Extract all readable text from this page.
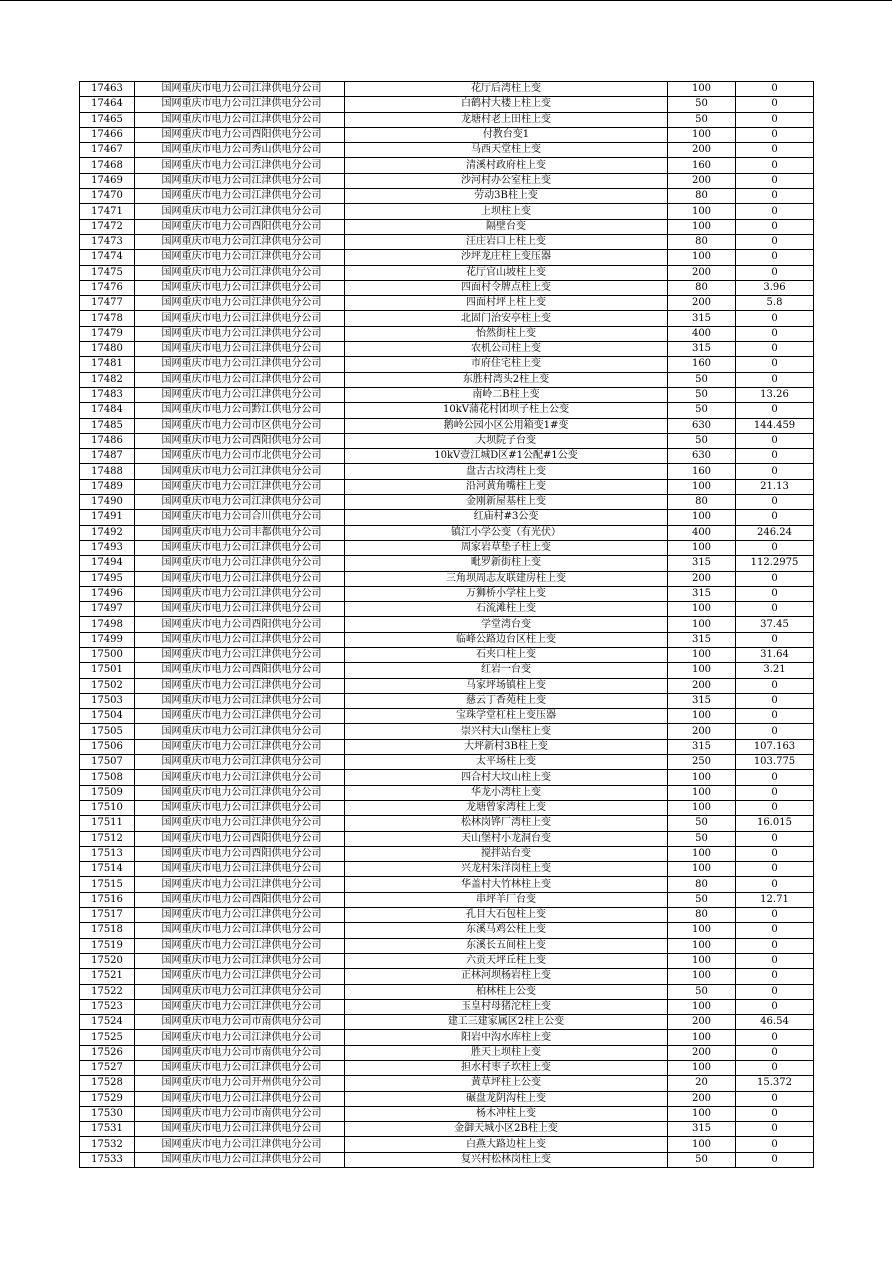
17463	国网重庆市电力公司江津供电分公司	花厅后湾柱上变	100	0
17464	国网重庆市电力公司江津供电分公司	白鹤村大楼上柱上变	50	0
17465	国网重庆市电力公司江津供电分公司	龙塘村老上田柱上变	50	0
17466	国网重庆市电力公司酉阳供电分公司	付教台变1	100	0
17467	国网重庆市电力公司秀山供电分公司	马西天堂柱上变	200	0
17468	国网重庆市电力公司江津供电分公司	清溪村政府柱上变	160	0
17469	国网重庆市电力公司江津供电分公司	沙河村办公室柱上变	200	0
17470	国网重庆市电力公司江津供电分公司	劳动3B柱上变	80	0
17471	国网重庆市电力公司江津供电分公司	上坝柱上变	100	0
17472	国网重庆市电力公司酉阳供电分公司	隔壁台变	100	0
17473	国网重庆市电力公司江津供电分公司	汪庄岩口上柱上变	80	0
17474	国网重庆市电力公司江津供电分公司	沙坪龙庄柱上变压器	100	0
17475	国网重庆市电力公司江津供电分公司	花厅官山坡柱上变	200	0
17476	国网重庆市电力公司江津供电分公司	四面村令牌点柱上变	80	3.96
17477	国网重庆市电力公司江津供电分公司	四面村坪上柱上变	200	5.8
17478	国网重庆市电力公司江津供电分公司	北固门治安亭柱上变	315	0
17479	国网重庆市电力公司江津供电分公司	怡然街柱上变	400	0
17480	国网重庆市电力公司江津供电分公司	农机公司柱上变	315	0
17481	国网重庆市电力公司江津供电分公司	市府住宅柱上变	160	0
17482	国网重庆市电力公司江津供电分公司	东胜村湾头2柱上变	50	0
17483	国网重庆市电力公司江津供电分公司	南岭二B柱上变	50	13.26
17484	国网重庆市电力公司黔江供电分公司	10kV蒲花村团坝子柱上公变	50	0
17485	国网重庆市电力公司市区供电分公司	鹅岭公园小区公用箱变1#变	630	144.459
17486	国网重庆市电力公司酉阳供电分公司	大坝院子台变	50	0
17487	国网重庆市电力公司市北供电分公司	10kV壹江城D区#1公配#1公变	630	0
17488	国网重庆市电力公司江津供电分公司	盘古古坟湾柱上变	160	0
17489	国网重庆市电力公司江津供电分公司	沿河黄角嘴柱上变	100	21.13
17490	国网重庆市电力公司江津供电分公司	金刚新屋基柱上变	80	0
17491	国网重庆市电力公司合川供电分公司	红庙村#3公变	100	0
17492	国网重庆市电力公司丰都供电分公司	镇江小学公变（有光伏）	400	246.24
17493	国网重庆市电力公司江津供电分公司	周家岩草垫子柱上变	100	0
17494	国网重庆市电力公司江津供电分公司	毗罗新街柱上变	315	112.2975
17495	国网重庆市电力公司江津供电分公司	三角坝周志友联建房柱上变	200	0
17496	国网重庆市电力公司江津供电分公司	万狮桥小学柱上变	315	0
17497	国网重庆市电力公司江津供电分公司	石流滩柱上变	100	0
17498	国网重庆市电力公司酉阳供电分公司	学堂湾台变	100	37.45
17499	国网重庆市电力公司江津供电分公司	临峰公路边台区柱上变	315	0
17500	国网重庆市电力公司江津供电分公司	石夹口柱上变	100	31.64
17501	国网重庆市电力公司酉阳供电分公司	红岩一台变	100	3.21
17502	国网重庆市电力公司江津供电分公司	马家坪场镇柱上变	200	0
17503	国网重庆市电力公司江津供电分公司	慈云丁香苑柱上变	315	0
17504	国网重庆市电力公司江津供电分公司	宝珠学堂杠柱上变压器	100	0
17505	国网重庆市电力公司江津供电分公司	崇兴村大山堡柱上变	200	0
17506	国网重庆市电力公司江津供电分公司	大坪新村3B柱上变	315	107.163
17507	国网重庆市电力公司江津供电分公司	太平场柱上变	250	103.775
17508	国网重庆市电力公司江津供电分公司	四合村大坟山柱上变	100	0
17509	国网重庆市电力公司江津供电分公司	华龙小湾柱上变	100	0
17510	国网重庆市电力公司江津供电分公司	龙塘曾家湾柱上变	100	0
17511	国网重庆市电力公司江津供电分公司	松林岗铧厂湾柱上变	50	16.015
17512	国网重庆市电力公司酉阳供电分公司	天山堡村小龙洞台变	50	0
17513	国网重庆市电力公司酉阳供电分公司	搅拌站台变	100	0
17514	国网重庆市电力公司江津供电分公司	兴龙村朱洋岗柱上变	100	0
17515	国网重庆市电力公司江津供电分公司	华盖村大竹林柱上变	80	0
17516	国网重庆市电力公司酉阳供电分公司	串坪羊厂台变	50	12.71
17517	国网重庆市电力公司江津供电分公司	孔目大石包柱上变	80	0
17518	国网重庆市电力公司江津供电分公司	东溪马鸡公柱上变	100	0
17519	国网重庆市电力公司江津供电分公司	东溪长五间柱上变	100	0
17520	国网重庆市电力公司江津供电分公司	六贡天坪丘柱上变	100	0
17521	国网重庆市电力公司江津供电分公司	正林河坝杨岩柱上变	100	0
17522	国网重庆市电力公司江津供电分公司	柏林柱上公变	50	0
17523	国网重庆市电力公司江津供电分公司	玉皇村母猪沱柱上变	100	0
17524	国网重庆市电力公司市南供电分公司	建工三建家属区2柱上公变	200	46.54
17525	国网重庆市电力公司江津供电分公司	阳岩中沟水库柱上变	100	0
17526	国网重庆市电力公司市南供电分公司	胜天上坝柱上变	200	0
17527	国网重庆市电力公司江津供电分公司	担水村枣子坎柱上变	100	0
17528	国网重庆市电力公司开州供电分公司	黄草坪柱上公变	20	15.372
17529	国网重庆市电力公司江津供电分公司	碾盘龙阴沟柱上变	200	0
17530	国网重庆市电力公司市南供电分公司	杨木冲柱上变	100	0
17531	国网重庆市电力公司江津供电分公司	金御天城小区2B柱上变	315	0
17532	国网重庆市电力公司江津供电分公司	白燕大路边柱上变	100	0
17533	国网重庆市电力公司江津供电分公司	复兴村松林岗柱上变	50	0
